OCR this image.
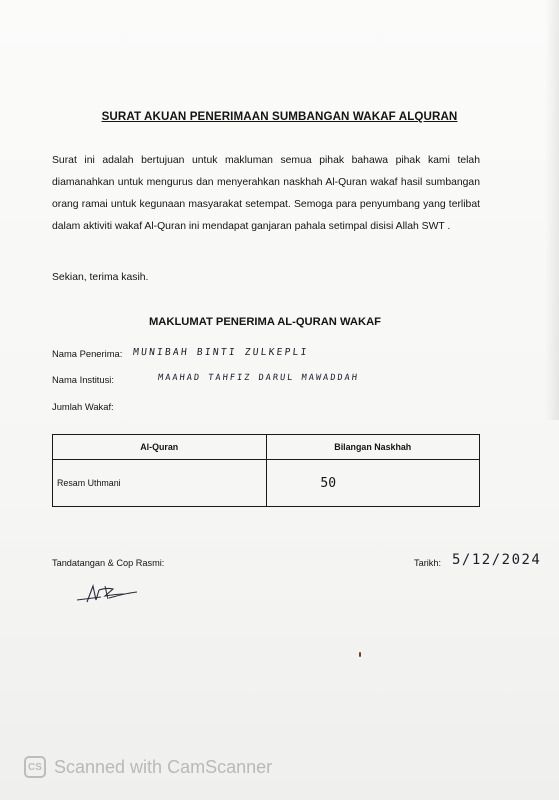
SURAT AKUAN PENERIMAAN SUMBANGAN WAKAF ALQURAN
Surat ini adalah bertujuan untuk makluman semua pihak bahawa pihak kami telah diamanahkan untuk mengurus dan menyerahkan naskhah Al-Quran wakaf hasil sumbangan orang ramai untuk kegunaan masyarakat setempat. Semoga para penyumbang yang terlibat dalam aktiviti wakaf Al-Quran ini mendapat ganjaran pahala setimpal disisi Allah SWT .
Sekian, terima kasih.
MAKLUMAT PENERIMA AL-QURAN WAKAF
Nama Penerima: MUNIBAH BINTI ZULKEPLI
Nama Institusi:	MAAHAD TAHFIZ DARUL MAWADDAH
Jumlah Wakaf:
Al-Quran	Bilangan Naskhah
Resam Uthmani	50
Tandatangan & Cop Rasmi:	Tarikh: 5/12/2024
CS Scanned with CamScanner
